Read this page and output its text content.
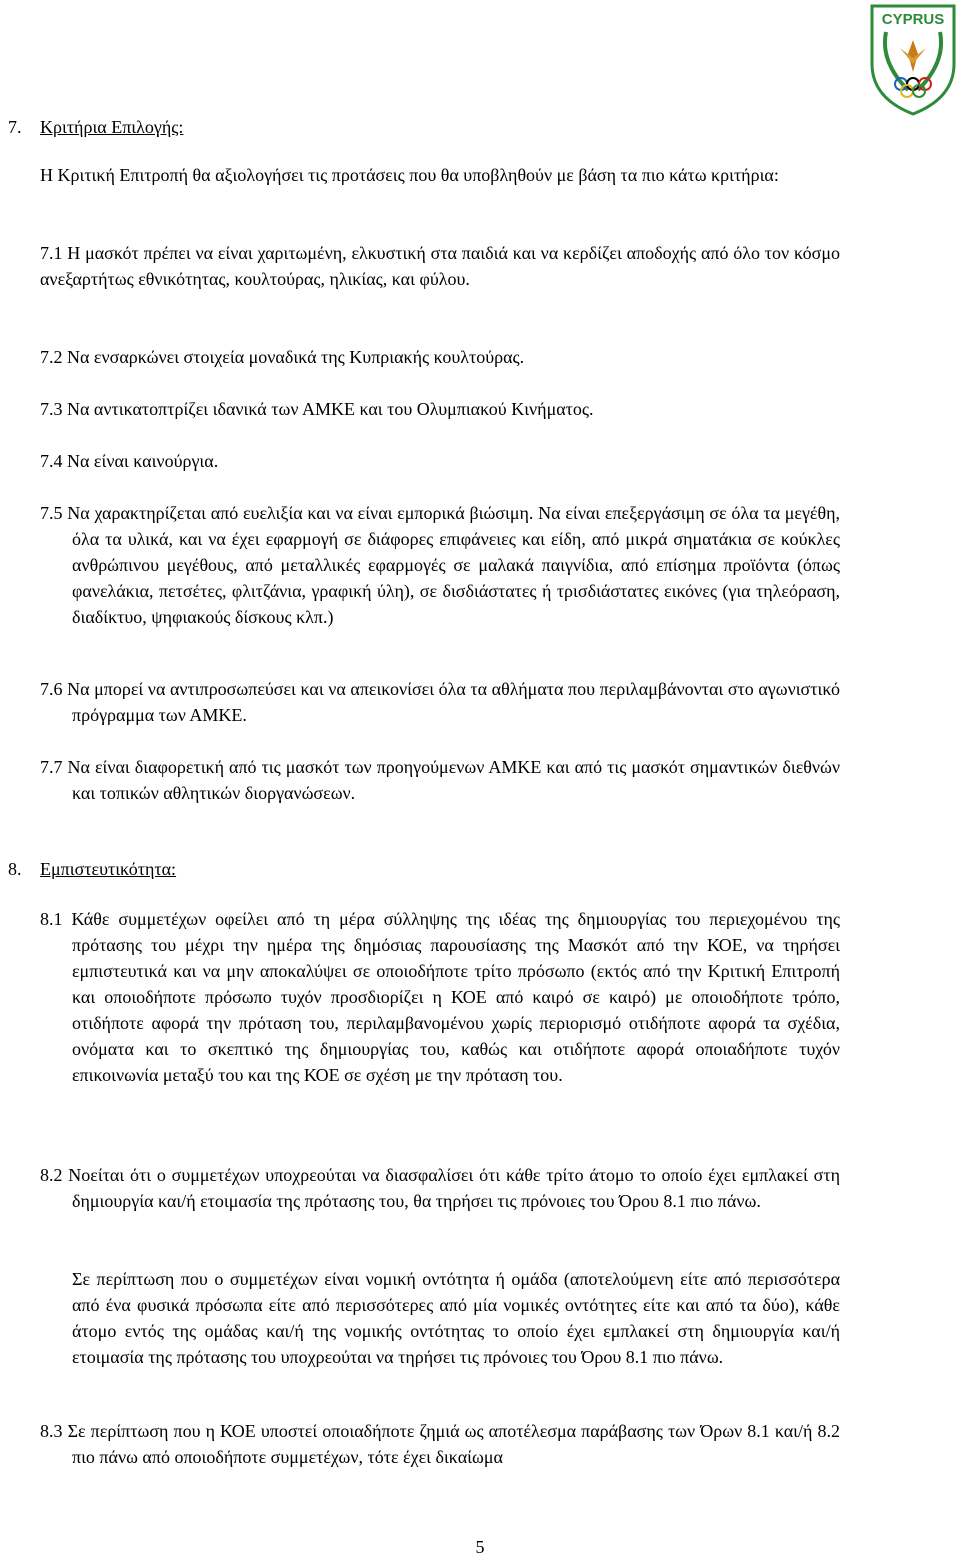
CYPRUS

7. Κριτήρια Επιλογής:

Η Κριτική Επιτροπή θα αξιολογήσει τις προτάσεις που θα υποβληθούν με βάση τα πιο κάτω κριτήρια:

7.1 Η μασκότ πρέπει να είναι χαριτωμένη, ελκυστική στα παιδιά και να κερδίζει αποδοχής από όλο τον κόσμο ανεξαρτήτως εθνικότητας, κουλτούρας, ηλικίας, και φύλου.

7.2 Να ενσαρκώνει στοιχεία μοναδικά της Κυπριακής κουλτούρας.

7.3 Να αντικατοπτρίζει ιδανικά των ΑΜΚΕ και του Ολυμπιακού Κινήματος.

7.4 Να είναι καινούργια.

7.5 Να χαρακτηρίζεται από ευελιξία και να είναι εμπορικά βιώσιμη. Να είναι επεξεργάσιμη σε όλα τα μεγέθη, όλα τα υλικά, και να έχει εφαρμογή σε διάφορες επιφάνειες και είδη, από μικρά σηματάκια σε κούκλες ανθρώπινου μεγέθους, από μεταλλικές εφαρμογές σε μαλακά παιγνίδια, από επίσημα προϊόντα (όπως φανελάκια, πετσέτες, φλιτζάνια, γραφική ύλη), σε δισδιάστατες ή τρισδιάστατες εικόνες (για τηλεόραση, διαδίκτυο, ψηφιακούς δίσκους κλπ.)

7.6 Να μπορεί να αντιπροσωπεύσει και να απεικονίσει όλα τα αθλήματα που περιλαμβάνονται στο αγωνιστικό πρόγραμμα των ΑΜΚΕ.

7.7 Να είναι διαφορετική από τις μασκότ των προηγούμενων ΑΜΚΕ και από τις μασκότ σημαντικών διεθνών και τοπικών αθλητικών διοργανώσεων.

8. Εμπιστευτικότητα:

8.1 Κάθε συμμετέχων οφείλει από τη μέρα σύλληψης της ιδέας της δημιουργίας του περιεχομένου της πρότασης του μέχρι την ημέρα της δημόσιας παρουσίασης της Μασκότ από την ΚΟΕ, να τηρήσει εμπιστευτικά και να μην αποκαλύψει σε οποιοδήποτε τρίτο πρόσωπο (εκτός από την Κριτική Επιτροπή και οποιοδήποτε πρόσωπο τυχόν προσδιορίζει η ΚΟΕ από καιρό σε καιρό) με οποιοδήποτε τρόπο, οτιδήποτε αφορά την πρόταση του, περιλαμβανομένου χωρίς περιορισμό οτιδήποτε αφορά τα σχέδια, ονόματα και το σκεπτικό της δημιουργίας του, καθώς και οτιδήποτε αφορά οποιαδήποτε τυχόν επικοινωνία μεταξύ του και της ΚΟΕ σε σχέση με την πρόταση του.

8.2 Νοείται ότι ο συμμετέχων υποχρεούται να διασφαλίσει ότι κάθε τρίτο άτομο το οποίο έχει εμπλακεί στη δημιουργία και/ή ετοιμασία της πρότασης του, θα τηρήσει τις πρόνοιες του Όρου 8.1 πιο πάνω.

Σε περίπτωση που ο συμμετέχων είναι νομική οντότητα ή ομάδα (αποτελούμενη είτε από περισσότερα από ένα φυσικά πρόσωπα είτε από περισσότερες από μία νομικές οντότητες είτε και από τα δύο), κάθε άτομο εντός της ομάδας και/ή της νομικής οντότητας το οποίο έχει εμπλακεί στη δημιουργία και/ή ετοιμασία της πρότασης του υποχρεούται να τηρήσει τις πρόνοιες του Όρου 8.1 πιο πάνω.

8.3 Σε περίπτωση που η ΚΟΕ υποστεί οποιαδήποτε ζημιά ως αποτέλεσμα παράβασης των Όρων 8.1 και/ή 8.2 πιο πάνω από οποιοδήποτε συμμετέχων, τότε έχει δικαίωμα

5
